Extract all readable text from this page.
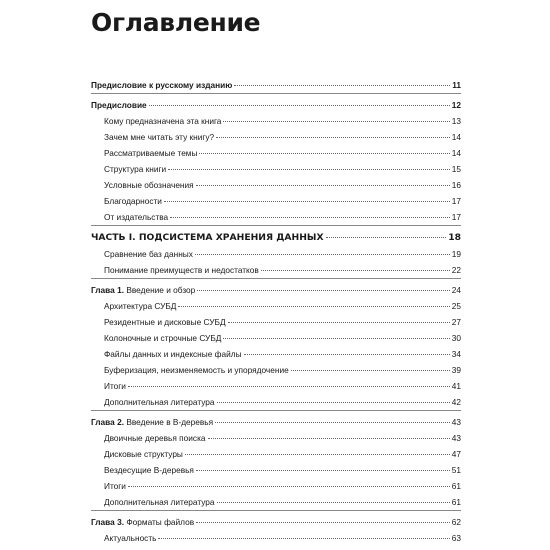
Оглавление
Предисловие к русскому изданию	11
Предисловие	12
Кому предназначена эта книга	13
Зачем мне читать эту книгу?	14
Рассматриваемые темы	14
Структура книги	15
Условные обозначения	16
Благодарности	17
От издательства	17
ЧАСТЬ I. ПОДСИСТЕМА ХРАНЕНИЯ ДАННЫХ	18
Сравнение баз данных	19
Понимание преимуществ и недостатков	22
Глава 1. Введение и обзор	24
Архитектура СУБД	25
Резидентные и дисковые СУБД	27
Колоночные и строчные СУБД	30
Файлы данных и индексные файлы	34
Буферизация, неизменяемость и упорядочение	39
Итоги	41
Дополнительная литература	42
Глава 2. Введение в B-деревья	43
Двоичные деревья поиска	43
Дисковые структуры	47
Вездесущие B-деревья	51
Итоги	61
Дополнительная литература	61
Глава 3. Форматы файлов	62
Актуальность	63
